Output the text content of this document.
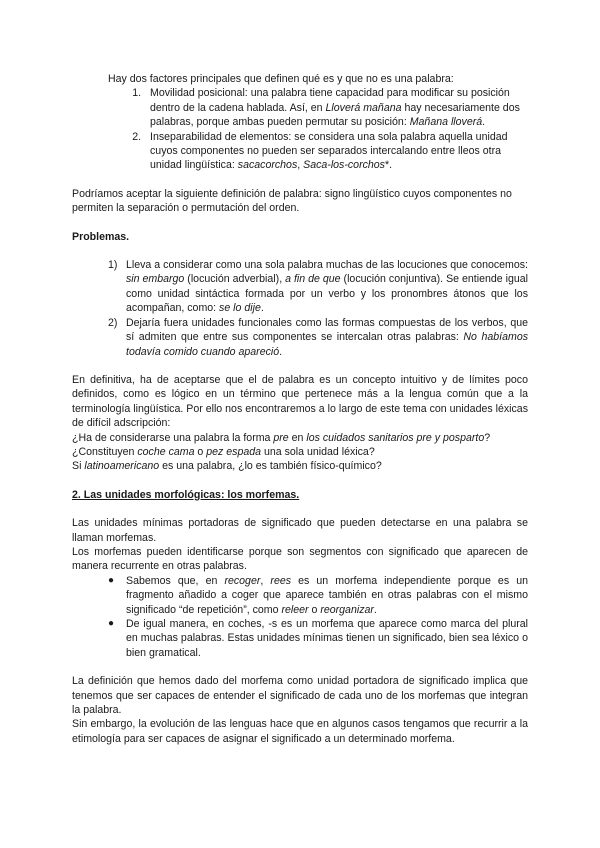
Hay dos factores principales que definen qué es y que no es una palabra:

1. Movilidad posicional: una palabra tiene capacidad para modificar su posición dentro de la cadena hablada. Así, en Lloverá mañana hay necesariamente dos palabras, porque ambas pueden permutar su posición: Mañana lloverá.
2. Inseparabilidad de elementos: se considera una sola palabra aquella unidad cuyos componentes no pueden ser separados intercalando entre lleos otra unidad lingüística: sacacorchos, Saca-los-corchos*.

Podríamos aceptar la siguiente definición de palabra: signo lingüístico cuyos componentes no permiten la separación o permutación del orden.

Problemas.

1) Lleva a considerar como una sola palabra muchas de las locuciones que conocemos: sin embargo (locución adverbial), a fin de que (locución conjuntiva). Se entiende igual como unidad sintáctica formada por un verbo y los pronombres átonos que los acompañan, como: se lo dije.
2) Dejaría fuera unidades funcionales como las formas compuestas de los verbos, que sí admiten que entre sus componentes se intercalan otras palabras: No habíamos todavía comido cuando apareció.

En definitiva, ha de aceptarse que el de palabra es un concepto intuitivo y de límites poco definidos, como es lógico en un término que pertenece más a la lengua común que a la terminología lingüística. Por ello nos encontraremos a lo largo de este tema con unidades léxicas de difícil adscripción:

¿Ha de considerarse una palabra la forma pre en los cuidados sanitarios pre y posparto?

¿Constituyen coche cama o pez espada una sola unidad léxica?

Si latinoamericano es una palabra, ¿lo es también físico-químico?

2. Las unidades morfológicas: los morfemas.

Las unidades mínimas portadoras de significado que pueden detectarse en una palabra se llaman morfemas.

Los morfemas pueden identificarse porque son segmentos con significado que aparecen de manera recurrente en otras palabras.

● Sabemos que, en recoger, rees es un morfema independiente porque es un fragmento añadido a coger que aparece también en otras palabras con el mismo significado “de repetición”, como releer o reorganizar.
● De igual manera, en coches, -s es un morfema que aparece como marca del plural en muchas palabras. Estas unidades mínimas tienen un significado, bien sea léxico o bien gramatical.

La definición que hemos dado del morfema como unidad portadora de significado implica que tenemos que ser capaces de entender el significado de cada uno de los morfemas que integran la palabra.

Sin embargo, la evolución de las lenguas hace que en algunos casos tengamos que recurrir a la etimología para ser capaces de asignar el significado a un determinado morfema.
